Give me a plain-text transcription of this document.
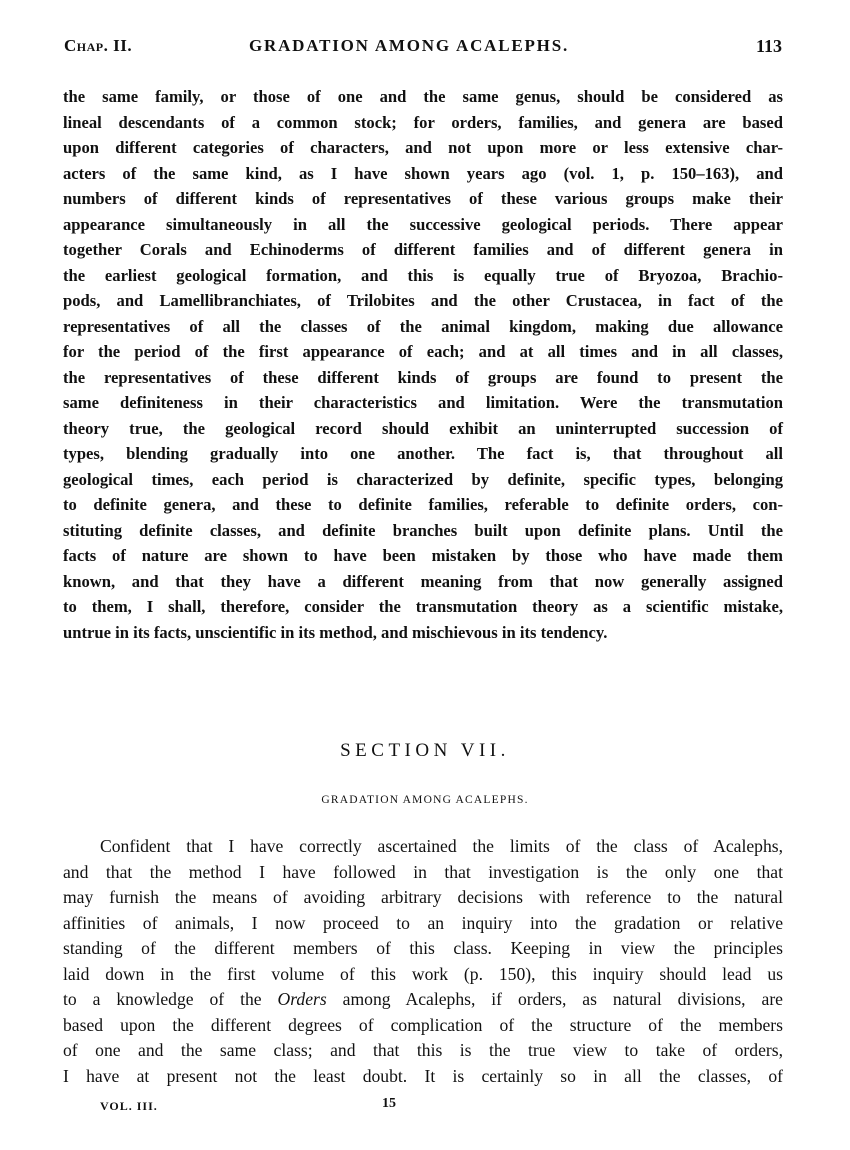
Chap. II.	GRADATION AMONG ACALEPHS.	113
the same family, or those of one and the same genus, should be considered as
lineal descendants of a common stock; for orders, families, and genera are based
upon different categories of characters, and not upon more or less extensive char-
acters of the same kind, as I have shown years ago (vol. 1, p. 150–163), and
numbers of different kinds of representatives of these various groups make their
appearance simultaneously in all the successive geological periods. There appear
together Corals and Echinoderms of different families and of different genera in
the earliest geological formation, and this is equally true of Bryozoa, Brachio-
pods, and Lamellibranchiates, of Trilobites and the other Crustacea, in fact of the
representatives of all the classes of the animal kingdom, making due allowance
for the period of the first appearance of each; and at all times and in all classes,
the representatives of these different kinds of groups are found to present the
same definiteness in their characteristics and limitation. Were the transmutation
theory true, the geological record should exhibit an uninterrupted succession of
types, blending gradually into one another. The fact is, that throughout all
geological times, each period is characterized by definite, specific types, belonging
to definite genera, and these to definite families, referable to definite orders, con-
stituting definite classes, and definite branches built upon definite plans. Until the
facts of nature are shown to have been mistaken by those who have made them
known, and that they have a different meaning from that now generally assigned
to them, I shall, therefore, consider the transmutation theory as a scientific mistake,
untrue in its facts, unscientific in its method, and mischievous in its tendency.
SECTION VII.
GRADATION AMONG ACALEPHS.
Confident that I have correctly ascertained the limits of the class of Acalephs,
and that the method I have followed in that investigation is the only one that
may furnish the means of avoiding arbitrary decisions with reference to the natural
affinities of animals, I now proceed to an inquiry into the gradation or relative
standing of the different members of this class. Keeping in view the principles
laid down in the first volume of this work (p. 150), this inquiry should lead us
to a knowledge of the Orders among Acalephs, if orders, as natural divisions, are
based upon the different degrees of complication of the structure of the members
of one and the same class; and that this is the true view to take of orders,
I have at present not the least doubt. It is certainly so in all the classes, of
VOL. III.	15
